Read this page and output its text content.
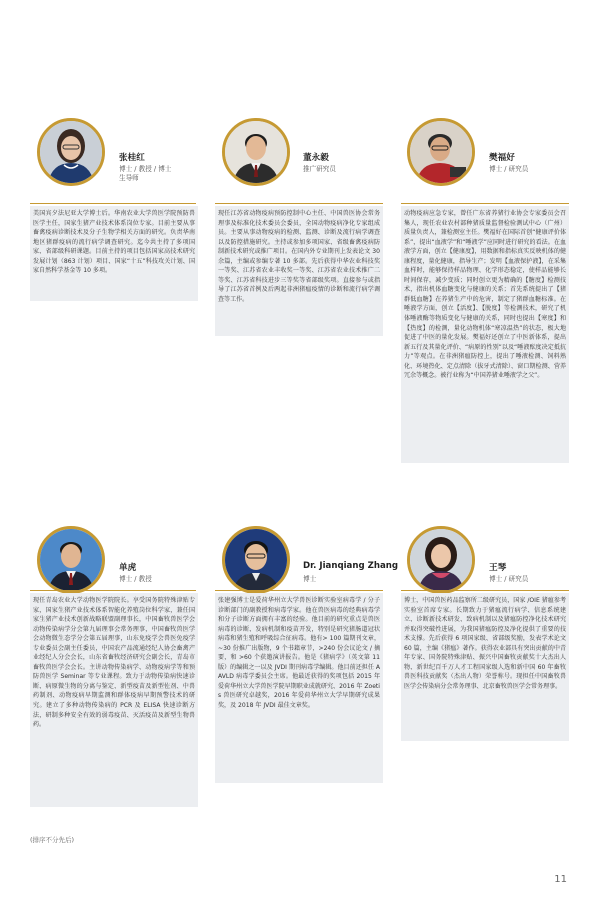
张桂红
博士 / 教授 / 博士生导师
美国宾夕法尼亚大学博士后。华南农业大学兽医学院预防兽医学主任，国家生猪产业技术体系岗位专家。目前主要从事畜禽疫病诊断技术及分子生物学相关方面的研究。负责华南地区猪群疫病的流行病学调查研究。迄今共主持了多项国家、省部级科研课题。目前主持的项目包括国家高技术研究发展计划（863 计划）项目、国家“十五”科技攻关计划、国家自然科学基金等 10 多项。
董永毅
推广研究员
现任江苏省动物疫病预防控制中心主任、中国兽医协会常务理事及标准化技术委员会委员，全国动物疫病净化专家组成员。主要从事动物疫病的检测、监测、诊断及流行病学调查以及防控措施研究。主持或参加多项国家、省级畜禽疫病防制新技术研究或推广项目。在国内外专业期刊上发表论文 30 余篇，主编或参编专著 10 多部。先后获得中华农业科技奖一等奖、江苏省农业丰收奖一等奖、江苏省农业技术推广二等奖、江苏省科技进步三等奖等省部级奖项。直接参与或指导了江苏省首例及后两起非洲猪瘟疫情的诊断和流行病学调查等工作。
樊福好
博士 / 研究员
动物疫病应急专家，曾任广东省养猪行业协会专家委员会召集人，现任农业农村部种猪质量监督检验测试中心（广州）质量负责人，兼检测室主任。樊福好在国际首创“健康评价体系”，提出“血液学”和“唾液学”应同时进行研究的看法。在血液学方面，创立【健康度】，用数据和指标真实反映机体的健康程度，量化健康，指导生产；发明【血液保护液】，在采集血样时，能够保持样品物理、化学形态稳定，使样品能够长时间保存，减少变质；同时创立更为精确的【糖度】检测技术，指出机体血糖变化与健康的关系；首先系统提出了【猪群低血糖】在养猪生产中的危害，制定了猪群血糖标准。在唾液学方面，创立【活度】、【脱度】等检测技术，研究了机体唾液酶等物质变化与健康的关系，同时也提出【寒度】和【热度】的检测，量化动物机体“寒凉温热”的状态，极大地促进了中医的量化发展。樊福好还创立了中医新体系，提出新五行及其量化评价、“病原的性别”以及“唾液酝度决定抵抗力”等观点。在非洲猪瘟防控上，提出了唾液检测、饲料熟化、环境热化、定点清除（拔牙式清除）、窗口期检测、营养冗余等概念。被行业称为“中国养猪业唾液学之父”。
单虎
博士 / 教授
现任青岛农业大学动物医学院院长。享受国务院特殊津贴专家，国家生猪产业技术体系智能化养殖岗位科学家，兼任国家生猪产业技术创新战略联盟副理事长，中国畜牧兽医学会动物传染病学分会第九届理事会常务理事，中国畜牧兽医学会动物微生态学分会第五届理事，山东免疫学会兽医免疫学专业委员会副主任委员，中国农产品流通经纪人协会畜禽产业经纪人分会会长，山东省畜牧经济研究会副会长，青岛市畜牧兽医学会会长。主讲动物传染病学、动物疫病学等和预防兽医学 Seminar 等专业课程。致力于动物传染病快速诊断、病原微生物的分离与鉴定、新型疫苗及新型佐剂、中兽药制剂、动物疫病早期监测和群体疫病早期预警技术的研究。建立了多种动物传染病的 PCR 及 ELISA 快速诊断方法，研制多种安全有效的弱毒疫苗、灭活疫苗及新型生物兽药。
Dr. Jianqiang Zhang
博士
张建强博士是爱荷华州立大学兽医诊断实验室病毒学 / 分子诊断部门的副教授和病毒学家。他在兽医病毒的经典病毒学和分子诊断方面拥有丰富的经验。他目前的研究重点是兽医病毒的诊断、发病机制和疫苗开发，特别是研究猪肠道冠状病毒和猪生殖和呼吸综合征病毒。他有> 100 篇期刊文章，~30 份推广出版物，9 个书籍章节，>240 份会议论文 / 摘要，和 >60 个获邀演讲报告。他是《猪病学》（英文第 11 版）的编辑之一以及 JVDI 期刊病毒学编辑。他目前还担任 AAVLD 病毒学委员会主席。他最近获得的奖项包括 2015 年爱荷华州立大学兽医学院早期职业成就研究、2016 年 Zoetis 兽医研究卓越奖，2016 年爱荷华州立大学早期研究成果奖，及 2018 年 JVDI 最佳文章奖。
王琴
博士 / 研究员
博士，中国兽医药品监察所二级研究员，国家 /OIE 猪瘟参考实验室首席专家。长期致力于猪瘟流行病学、信息系统建立、诊断新技术研发、致病机制以及猪瘟防控净化技术研究并取得突破性进展，为我国猪瘟防控及净化提供了重要的技术支撑。先后获得 6 项国家级、省部级奖励，发表学术论文 60 篇，主编《猪瘟》著作。获得农业部具有突出贡献的中青年专家、国务院特殊津贴、振兴中国畜牧贡献奖十大杰出人物、新世纪百千万人才工程国家级人选和新中国 60 年畜牧兽医科技贡献奖（杰出人物）荣誉称号。现担任中国畜牧兽医学会传染病分会常务理事、北京畜牧兽医学会常务理事。
(排序不分先后)
11
